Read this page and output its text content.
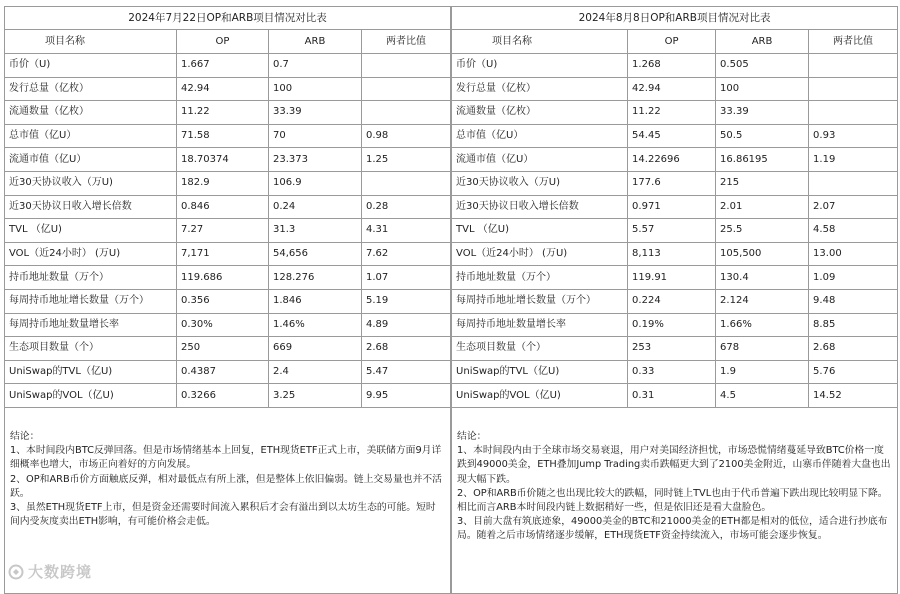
2024年7月22日OP和ARB项目情况对比表			
项目名称	OP	ARB	两者比值
币价（U)	1.667	0.7	
发行总量（亿枚）	42.94	100	
流通数量（亿枚）	11.22	33.39	
总市值（亿U）	71.58	70	0.98
流通市值（亿U）	18.70374	23.373	1.25
近30天协议收入（万U)	182.9	106.9	
近30天协议日收入增长倍数	0.846	0.24	0.28
TVL （亿U)	7.27	31.3	4.31
VOL（近24小时） (万U)	7,171	54,656	7.62
持币地址数量（万个）	119.686	128.276	1.07
每周持币地址增长数量（万个）	0.356	1.846	5.19
每周持币地址数量增长率	0.30%	1.46%	4.89
生态项目数量（个）	250	669	2.68
UniSwap的TVL（亿U)	0.4387	2.4	5.47
UniSwap的VOL（亿U)	0.3266	3.25	9.95

结论：
1、本时间段内BTC反弹回落。但是市场情绪基本上回复，ETH现货ETF正式上市，美联储方面9月详细概率也增大，市场正向着好的方向发展。
2、OP和ARB币价方面触底反弹，相对最低点有所上涨，但是整体上依旧偏弱。链上交易量也并不活跃。
3、虽然ETH现货ETF上市，但是资金还需要时间流入累积后才会有溢出到以太坊生态的可能。短时间内受灰度卖出ETH影响，有可能价格会走低。			
2024年8月8日OP和ARB项目情况对比表			
项目名称	OP	ARB	两者比值
币价（U)	1.268	0.505	
发行总量（亿枚）	42.94	100	
流通数量（亿枚）	11.22	33.39	
总市值（亿U）	54.45	50.5	0.93
流通市值（亿U）	14.22696	16.86195	1.19
近30天协议收入（万U)	177.6	215	
近30天协议日收入增长倍数	0.971	2.01	2.07
TVL （亿U)	5.57	25.5	4.58
VOL（近24小时） (万U)	8,113	105,500	13.00
持币地址数量（万个）	119.91	130.4	1.09
每周持币地址增长数量（万个）	0.224	2.124	9.48
每周持币地址数量增长率	0.19%	1.66%	8.85
生态项目数量（个）	253	678	2.68
UniSwap的TVL（亿U)	0.33	1.9	5.76
UniSwap的VOL（亿U)	0.31	4.5	14.52

结论：
1、本时间段内由于全球市场交易衰退，用户对美国经济担忧，市场恐慌情绪蔓延导致BTC价格一度跌到49000美金，ETH叠加Jump Trading卖币跌幅更大到了2100美金附近，山寨币伴随着大盘也出现大幅下跌。
2、OP和ARB币价随之也出现比较大的跌幅，同时链上TVL也由于代币普遍下跌出现比较明显下降。相比而言ARB本时间段内链上数据稍好一些，但是依旧还是看大盘脸色。
3、目前大盘有筑底迹象，49000美金的BTC和21000美金的ETH都是相对的低位，适合进行抄底布局。随着之后市场情绪逐步缓解，ETH现货ETF资金持续流入，市场可能会逐步恢复。			
大数跨境
